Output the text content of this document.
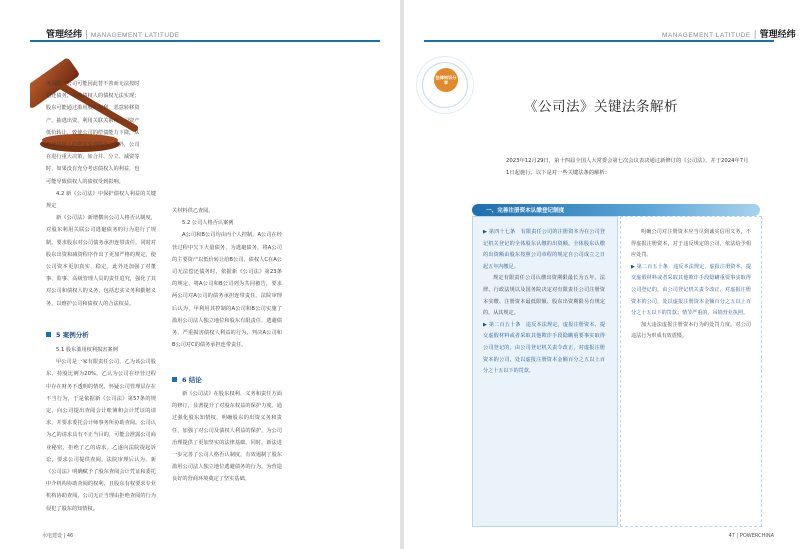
管理经纬 | MANAGEMENT LATITUDE

务风险，公司可能因此替不善而无法按时

偿还债务，导致债权人的债权无法实现；

股东可能通过滥用股东权利，恶意转移资

产、抽逃出资、利用关联关系将公司资产

低价转让，致使公司的偿债能力下降，从

而使债权人的利益受到损害。此外，公司

在进行重大决策，如合并、分立、减资等

时，如果没有充分考虑债权人的利益，也

可能导致债权人的债权受到影响。

4.2 新《公司法》中保护债权人利益的关键规定

新《公司法》新增横向公司人格否认制度，对股东利用关联公司逃避债务的行为进行了规制。要求股东对公司债务承担连带责任。同时对股东出资和减资程序作出了更加严格的规定，使公司资本更加真实、稳定。此外还加强了对董事、监事、高级管理人员的责任追究，强化了其对公司和债权人的义务，包括忠实义务和勤勉义务，以维护公司和债权人的合法权益。

5 案例分析

5.1 股东滥用权利损害案例

甲公司是一家有限责任公司，乙为该公司股东，持股比例为20%。乙认为公司在经营过程中存在财务不透明的情况，怀疑公司管理层存在不当行为，于是依据新《公司法》第57条的规定，向公司提出查阅会计账簿和会计凭证的请求，并要求委托会计师事务所协助查阅。公司认为乙的请求具有不正当目的，可能会泄露公司商业秘密，拒绝了乙的请求。乙遂向法院提起诉讼，要求公司提供查阅。法院审理后认为，新《公司法》明确赋予了股东查阅会计凭证和委托中介机构协助查阅的权利，且股东有权要求专业机构协助查阅，公司无正当理由拒绝查阅的行为侵犯了股东的知情权。

关材料供乙查阅。

5.2 公司人格否认案例

A公司和B公司均由丙个人控制。A公司在经营过程中欠下大量债务，为逃避债务，将A公司的主要资产以低价转让给B公司，债权人C在A公司无法偿还债务时，依据新《公司法》第23条的规定，将A公司和B公司列为共同被告，要求两公司对A公司的债务承担连带责任。法院审理后认为，甲利用其控制的A公司和B公司实施了滥用公司法人独立地位和股东有限责任、逃避债务、严重损害债权人利益的行为，判决A公司和B公司对C的债务承担连带责任。

6 结论

新《公司法》在股东权利、义务和责任方面的修订，显著提升了对股东权益的保护力度。通过强化股东知情权、明确股东的出资义务和责任，加强了对公司及债权人利益的保护，为公司治理提供了更加坚实的法律基础。同时，新法进一步完善了公司人格否认制度，有效遏制了股东滥用公司法人独立地位逃避债务的行为，为营造良好的营商环境奠定了坚实基础。

水电建设 | 46
MANAGEMENT LATITUDE | 管理经纬
法律知识分享
《公司法》关键法条解析
2023年12月29日，第十四届全国人大常委会第七次会议表决通过新修订的《公司法》，并于2024年7月1日起施行。以下是对一些关键法条的解析：
一、完善注册资本认缴登记制度

▶ 第四十七条　有限责任公司的注册资本为在公司登记机关登记的全体股东认缴的出资额。全体股东认缴的出资额由股东按照公司章程的规定自公司成立之日起五年内缴足。

规定有限责任公司认缴出资期限最长为五年。法律、行政法规以及国务院决定对有限责任公司注册资本实缴、注册资本最低限额、股东出资期限另有规定的，从其规定。

▶ 第二百五十条　违反本法规定，虚报注册资本、提交虚假材料或者采取其他欺诈手段隐瞒重要事实取得公司登记的，由公司登记机关责令改正，对虚报注册资本的公司，处以虚报注册资本金额百分之五以上百分之十五以下的罚款。

明确公司对注册资本应当尽到诚实信用义务，不得虚报注册资本，对于违反规定的公司，依法给予相应处罚。

▶ 第二百五十条　违反本法规定，虚报注册资本、提交虚假材料或者采取其他欺诈手段隐瞒重要事实取得公司登记的，由公司登记机关责令改正，对虚报注册资本的公司，处以虚报注册资本金额百分之五以上百分之十五以下的罚款；情节严重的，吊销营业执照。

加大违法虚报注册资本行为的处罚力度，对公司违法行为形成有效震慑。

47 | POWERCHINA
